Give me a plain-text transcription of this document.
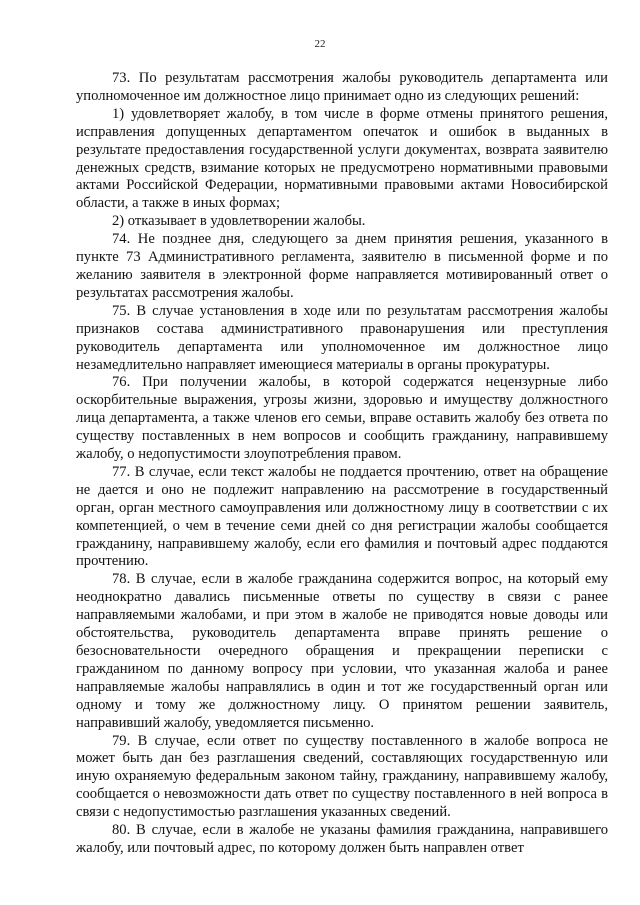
22

73. По результатам рассмотрения жалобы руководитель департамента или уполномоченное им должностное лицо принимает одно из следующих решений:

1) удовлетворяет жалобу, в том числе в форме отмены принятого решения, исправления допущенных департаментом опечаток и ошибок в выданных в результате предоставления государственной услуги документах, возврата заявителю денежных средств, взимание которых не предусмотрено нормативными правовыми актами Российской Федерации, нормативными правовыми актами Новосибирской области, а также в иных формах;

2) отказывает в удовлетворении жалобы.

74. Не позднее дня, следующего за днем принятия решения, указанного в пункте 73 Административного регламента, заявителю в письменной форме и по желанию заявителя в электронной форме направляется мотивированный ответ о результатах рассмотрения жалобы.

75. В случае установления в ходе или по результатам рассмотрения жалобы признаков состава административного правонарушения или преступления руководитель департамента или уполномоченное им должностное лицо незамедлительно направляет имеющиеся материалы в органы прокуратуры.

76. При получении жалобы, в которой содержатся нецензурные либо оскорбительные выражения, угрозы жизни, здоровью и имуществу должностного лица департамента, а также членов его семьи, вправе оставить жалобу без ответа по существу поставленных в нем вопросов и сообщить гражданину, направившему жалобу, о недопустимости злоупотребления правом.

77. В случае, если текст жалобы не поддается прочтению, ответ на обращение не дается и оно не подлежит направлению на рассмотрение в государственный орган, орган местного самоуправления или должностному лицу в соответствии с их компетенцией, о чем в течение семи дней со дня регистрации жалобы сообщается гражданину, направившему жалобу, если его фамилия и почтовый адрес поддаются прочтению.

78. В случае, если в жалобе гражданина содержится вопрос, на который ему неоднократно давались письменные ответы по существу в связи с ранее направляемыми жалобами, и при этом в жалобе не приводятся новые доводы или обстоятельства, руководитель департамента вправе принять решение о безосновательности очередного обращения и прекращении переписки с гражданином по данному вопросу при условии, что указанная жалоба и ранее направляемые жалобы направлялись в один и тот же государственный орган или одному и тому же должностному лицу. О принятом решении заявитель, направивший жалобу, уведомляется письменно.

79. В случае, если ответ по существу поставленного в жалобе вопроса не может быть дан без разглашения сведений, составляющих государственную или иную охраняемую федеральным законом тайну, гражданину, направившему жалобу, сообщается о невозможности дать ответ по существу поставленного в ней вопроса в связи с недопустимостью разглашения указанных сведений.

80. В случае, если в жалобе не указаны фамилия гражданина, направившего жалобу, или почтовый адрес, по которому должен быть направлен ответ
